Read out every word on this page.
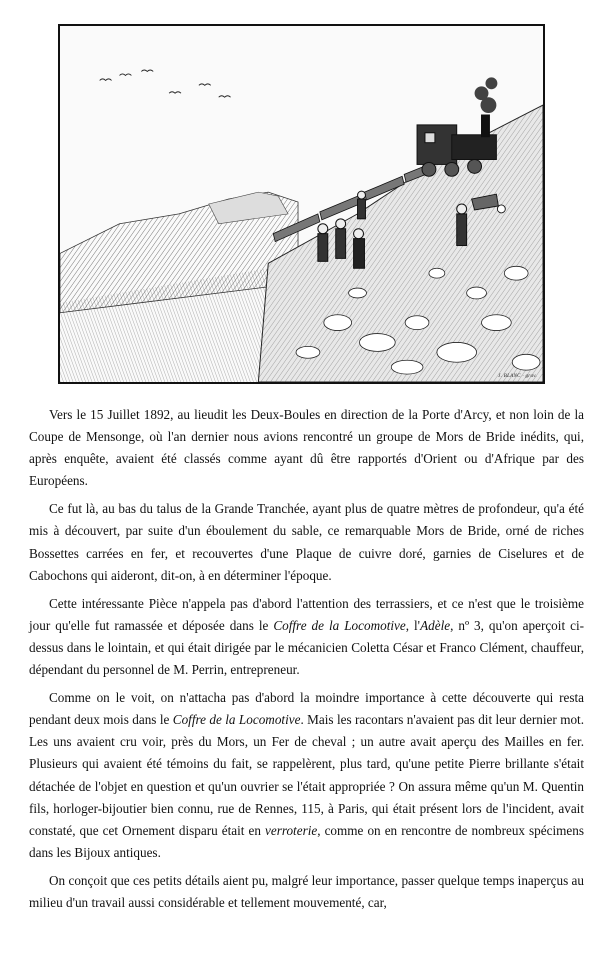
J. BLANC · grav.

Vers le 15 Juillet 1892, au lieudit les Deux-Boules en direction de la Porte d'Arcy, et non loin de la Coupe de Mensonge, où l'an dernier nous avions rencontré un groupe de Mors de Bride inédits, qui, après enquête, avaient été classés comme ayant dû être rapportés d'Orient ou d'Afrique par des Européens.

Ce fut là, au bas du talus de la Grande Tranchée, ayant plus de quatre mètres de profondeur, qu'a été mis à découvert, par suite d'un éboulement du sable, ce remarquable Mors de Bride, orné de riches Bossettes carrées en fer, et recouvertes d'une Plaque de cuivre doré, garnies de Ciselures et de Cabochons qui aideront, dit-on, à en déterminer l'époque.

Cette intéressante Pièce n'appela pas d'abord l'attention des terrassiers, et ce n'est que le troisième jour qu'elle fut ramassée et déposée dans le Coffre de la Locomotive, l'Adèle, nº 3, qu'on aperçoit ci-dessus dans le lointain, et qui était dirigée par le mécanicien Coletta César et Franco Clément, chauffeur, dépendant du personnel de M. Perrin, entrepreneur.

Comme on le voit, on n'attacha pas d'abord la moindre importance à cette découverte qui resta pendant deux mois dans le Coffre de la Locomotive. Mais les racontars n'avaient pas dit leur dernier mot. Les uns avaient cru voir, près du Mors, un Fer de cheval ; un autre avait aperçu des Mailles en fer. Plusieurs qui avaient été témoins du fait, se rappelèrent, plus tard, qu'une petite Pierre brillante s'était détachée de l'objet en question et qu'un ouvrier se l'était appropriée ? On assura même qu'un M. Quentin fils, horloger-bijoutier bien connu, rue de Rennes, 115, à Paris, qui était présent lors de l'incident, avait constaté, que cet Ornement disparu était en verroterie, comme on en rencontre de nombreux spécimens dans les Bijoux antiques.

On conçoit que ces petits détails aient pu, malgré leur importance, passer quelque temps inaperçus au milieu d'un travail aussi considérable et tellement mouvementé, car,
